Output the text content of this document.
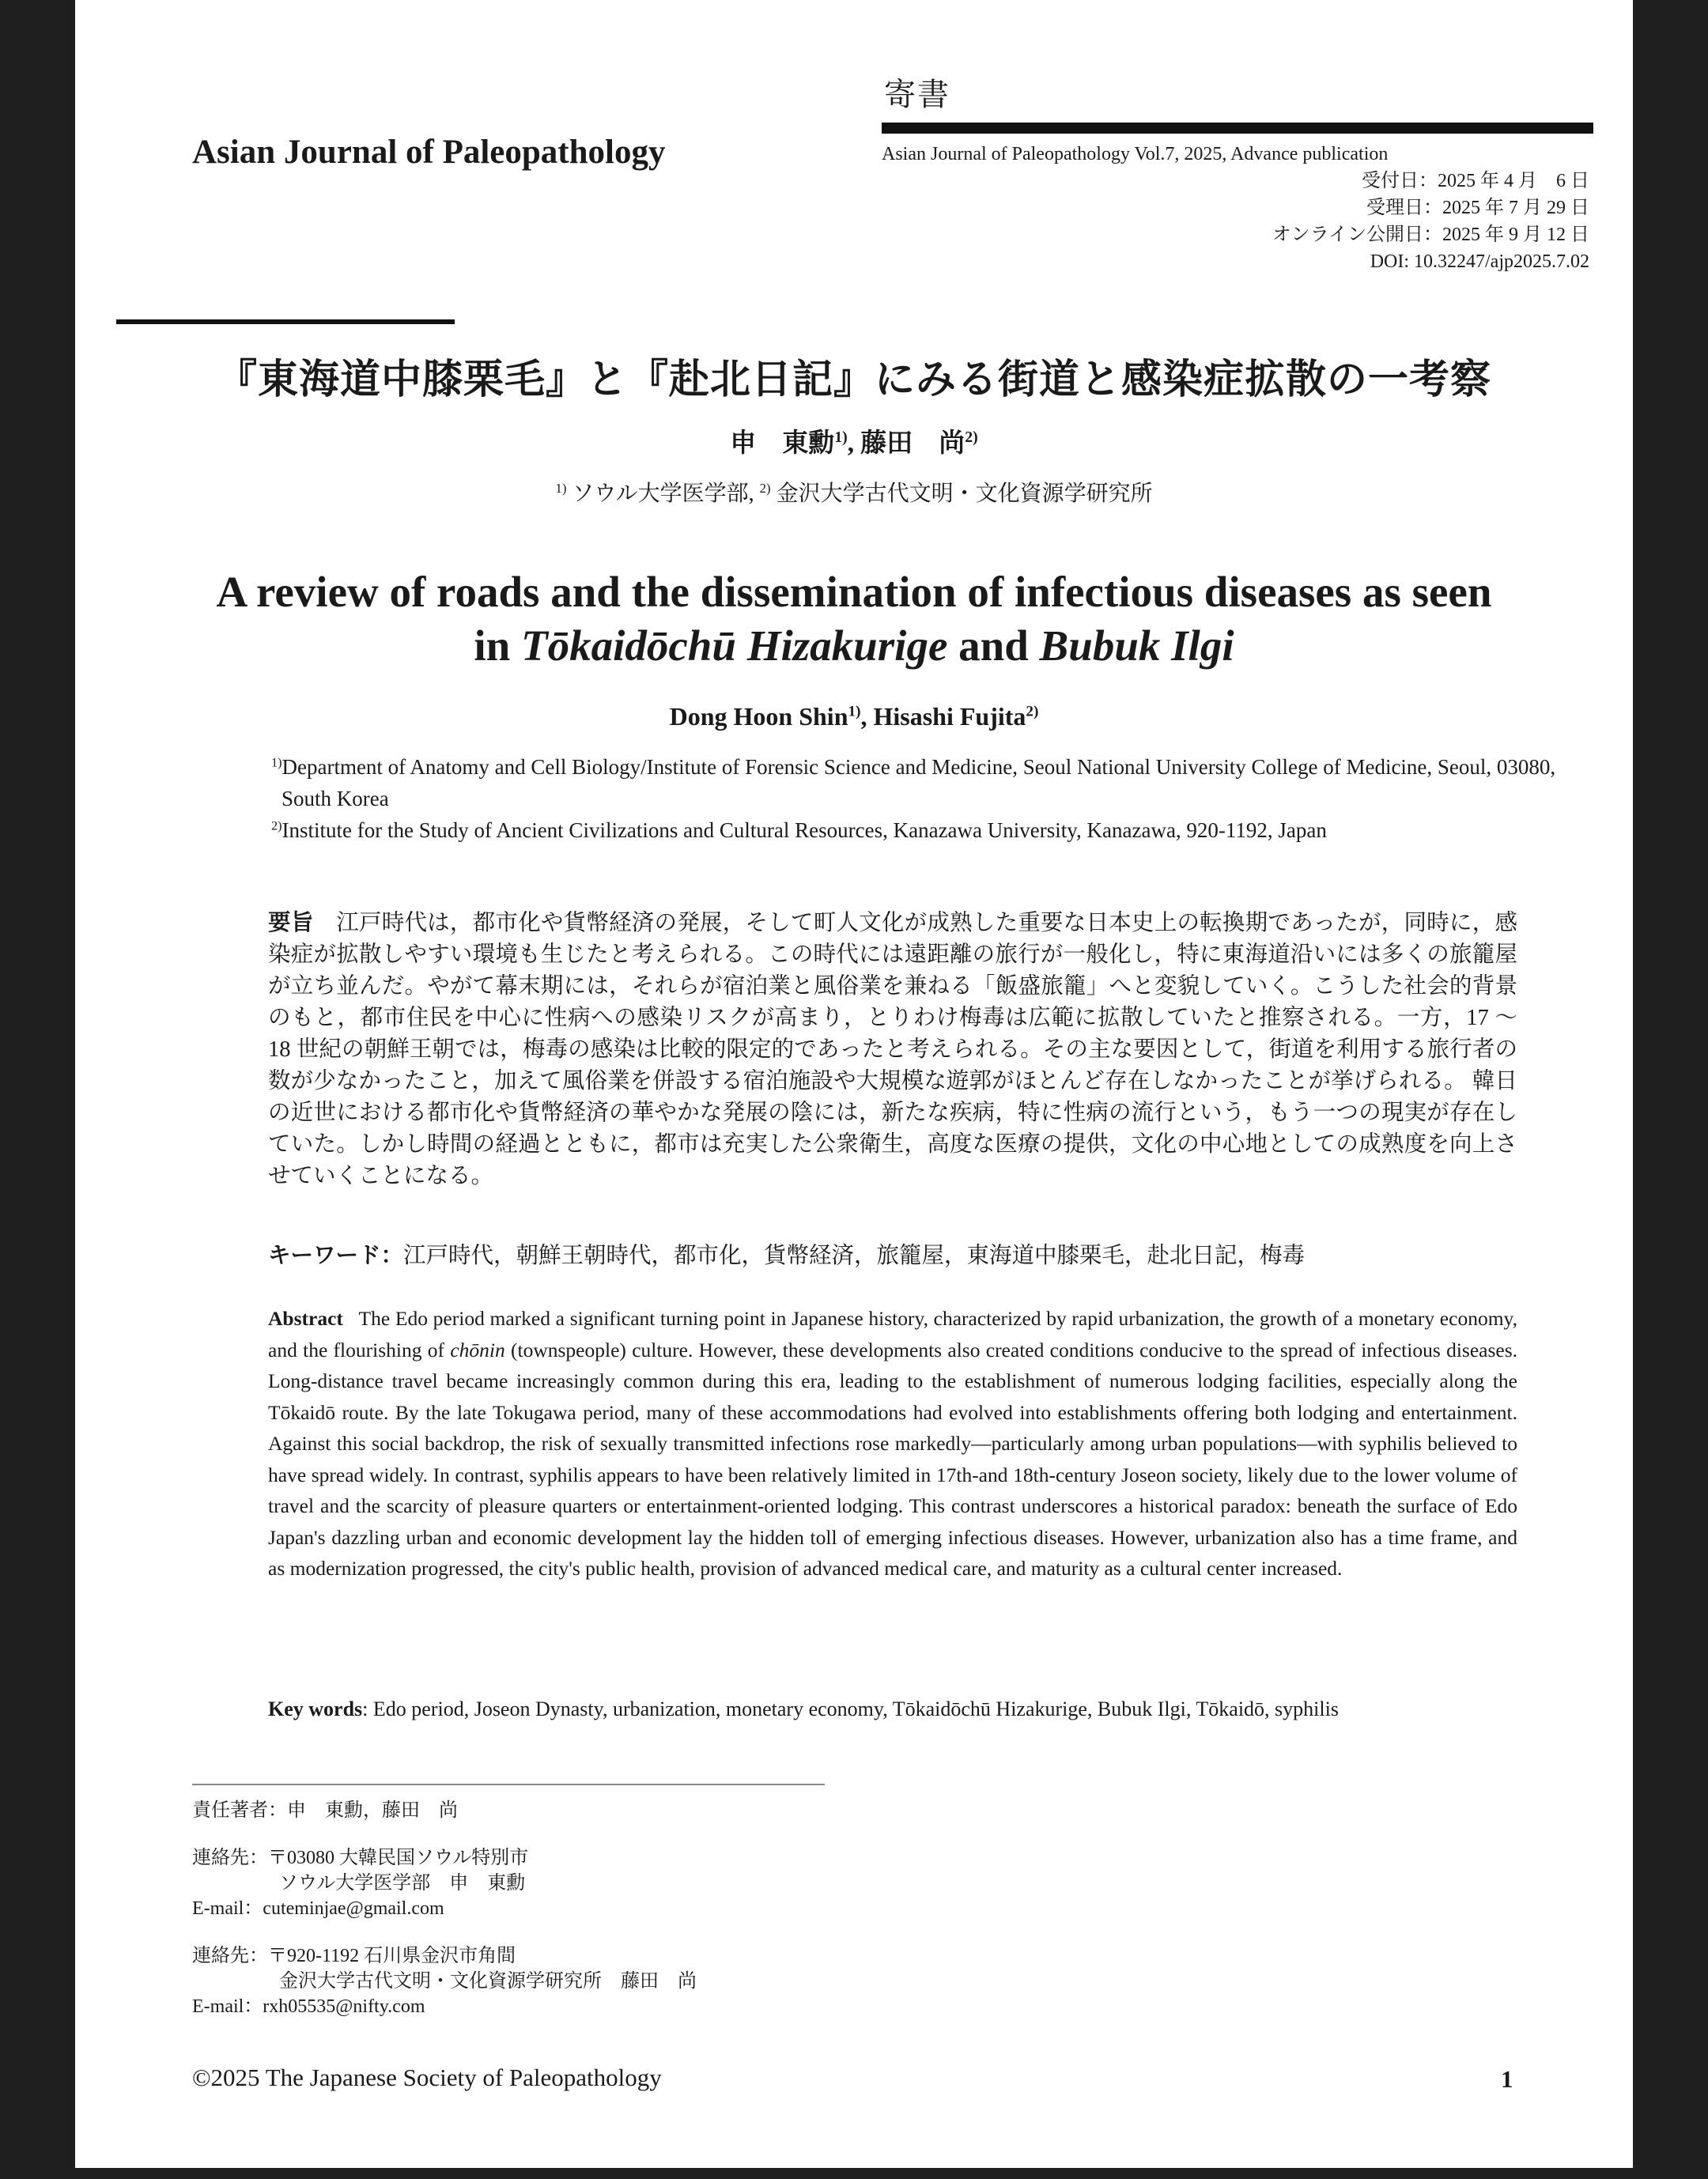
寄書
Asian Journal of Paleopathology	Asian Journal of Paleopathology Vol.7, 2025, Advance publication
受付日：2025 年 4 月　6 日
受理日：2025 年 7 月 29 日
オンライン公開日：2025 年 9 月 12 日
DOI: 10.32247/ajp2025.7.02
『東海道中膝栗毛』と『赴北日記』にみる街道と感染症拡散の一考察
申　東勳$^{1)}$, 藤田　尚$^{2)}$
$^{1)}$ ソウル大学医学部, $^{2)}$ 金沢大学古代文明・文化資源学研究所
A review of roads and the dissemination of infectious diseases as seen
in Tōkaidōchū Hizakurige and Bubuk Ilgi
Dong Hoon Shin$^{1)}$, Hisashi Fujita$^{2)}$
$^{1)}$Department of Anatomy and Cell Biology/Institute of Forensic Science and Medicine, Seoul National University College of Medicine, Seoul, 03080, South Korea
$^{2)}$Institute for the Study of Ancient Civilizations and Cultural Resources, Kanazawa University, Kanazawa, 920-1192, Japan
要旨　 江戸時代は，都市化や貨幣経済の発展，そして町人文化が成熟した重要な日本史上の転換期であったが，同時に，感染症が拡散しやすい環境も生じたと考えられる。この時代には遠距離の旅行が一般化し，特に東海道沿いには多くの旅籠屋が立ち並んだ。やがて幕末期には，それらが宿泊業と風俗業を兼ねる「飯盛旅籠」へと変貌していく。こうした社会的背景のもと，都市住民を中心に性病への感染リスクが高まり，とりわけ梅毒は広範に拡散していたと推察される。一方，17 ～ 18 世紀の朝鮮王朝では，梅毒の感染は比較的限定的であったと考えられる。その主な要因として，街道を利用する旅行者の数が少なかったこと，加えて風俗業を併設する宿泊施設や大規模な遊郭がほとんど存在しなかったことが挙げられる。 韓日の近世における都市化や貨幣経済の華やかな発展の陰には，新たな疾病，特に性病の流行という，もう一つの現実が存在していた。しかし時間の経過とともに，都市は充実した公衆衛生，高度な医療の提供，文化の中心地としての成熟度を向上させていくことになる。
キーワード：江戸時代，朝鮮王朝時代，都市化，貨幣経済，旅籠屋，東海道中膝栗毛，赴北日記，梅毒
Abstract The Edo period marked a significant turning point in Japanese history, characterized by rapid urbanization, the growth of a monetary economy, and the flourishing of chōnin (townspeople) culture. However, these developments also created conditions conducive to the spread of infectious diseases. Long-distance travel became increasingly common during this era, leading to the establishment of numerous lodging facilities, especially along the Tōkaidō route. By the late Tokugawa period, many of these accommodations had evolved into establishments offering both lodging and entertainment. Against this social backdrop, the risk of sexually transmitted infections rose markedly—particularly among urban populations—with syphilis believed to have spread widely. In contrast, syphilis appears to have been relatively limited in 17th-and 18th-century Joseon society, likely due to the lower volume of travel and the scarcity of pleasure quarters or entertainment-oriented lodging. This contrast underscores a historical paradox: beneath the surface of Edo Japan's dazzling urban and economic development lay the hidden toll of emerging infectious diseases. However, urbanization also has a time frame, and as modernization progressed, the city's public health, provision of advanced medical care, and maturity as a cultural center increased.
Key words: Edo period, Joseon Dynasty, urbanization, monetary economy, Tōkaidōchū Hizakurige, Bubuk Ilgi, Tōkaidō, syphilis
責任著者：申　東勳，藤田　尚
連絡先：〒03080 大韓民国ソウル特別市
ソウル大学医学部　申　東勳
E-mail：cuteminjae@gmail.com
連絡先：〒920-1192 石川県金沢市角間
金沢大学古代文明・文化資源学研究所　藤田　尚
E-mail：rxh05535@nifty.com
©2025 The Japanese Society of Paleopathology	1
